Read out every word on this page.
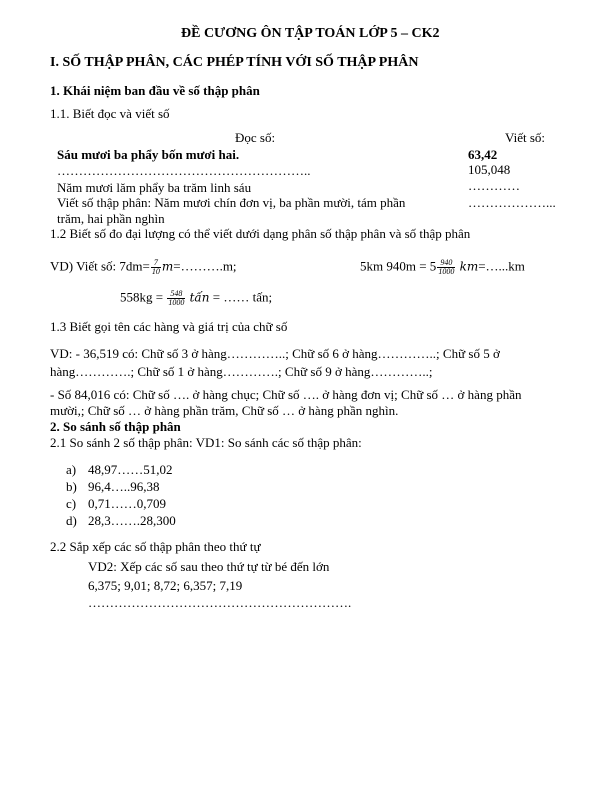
ĐỀ CƯƠNG ÔN TẬP TOÁN LỚP 5 – CK2
I. SỐ THẬP PHÂN, CÁC PHÉP TÍNH VỚI SỐ THẬP PHÂN
1. Khái niệm ban đầu về số thập phân
1.1. Biết đọc và viết số
Đọc số:	Viết số:
Sáu mươi ba phẩy bốn mươi hai.	63,42
…………………………………………………..	105,048
Năm mươi lăm phẩy ba trăm linh sáu	…………
Viết số thập phân: Năm mươi chín đơn vị, ba phần mười, tám phần	………………...
trăm, hai phần nghìn
1.2 Biết số đo đại lượng có thể viết dưới dạng phân số thập phân và số thập phân
VD) Viết số: $7dm= \frac{7}{10}$ m=……….m;	5km $940m = 5 \frac{940}{1000}$ km=…...km
$558kg = \frac{548}{1000}$ tấn = …… tấn;
1.3 Biết gọi tên các hàng và giá trị của chữ số
VD: - 36,519 có: Chữ số 3 ở hàng…………..; Chữ số 6 ở hàng…………..; Chữ số 5 ở
hàng………….; Chữ số 1 ở hàng………….; Chữ số 9 ở hàng…………..;
- Số 84,016 có: Chữ số …. ở hàng chục; Chữ số …. ở hàng đơn vị; Chữ số … ở hàng phần
mười,; Chữ số … ở hàng phần trăm, Chữ số … ở hàng phần nghìn.
2. So sánh số thập phân
2.1 So sánh 2 số thập phân: VD1: So sánh các số thập phân:
a) 48,97……51,02
b) 96,4…..96,38
c) 0,71……0,709
d) 28,3…….28,300
2.2 Sắp xếp các số thập phân theo thứ tự
VD2: Xếp các số sau theo thứ tự từ bé đến lớn
6,375; 9,01; 8,72; 6,357; 7,19
…………………………………………………….
